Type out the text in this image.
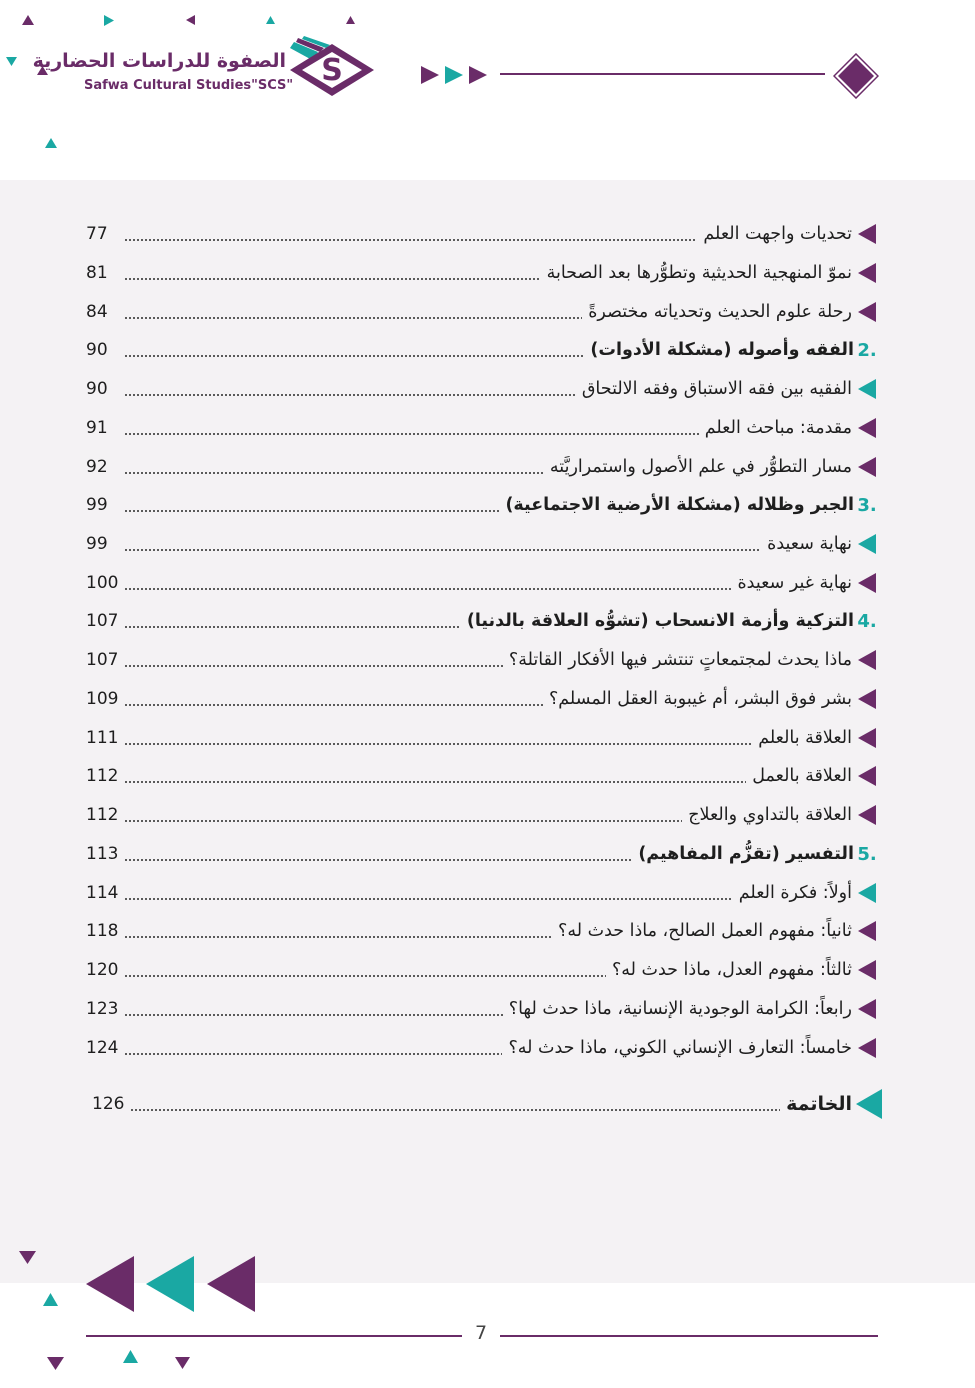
الصفوة للدراسات الحضارية
Safwa Cultural Studies"SCS" S
تحديات واجهت العلم
77
نموّ المنهجية الحديثية وتطوُّرها بعد الصحابة
81
رحلة علوم الحديث وتحدياته مختصرةً
84
2.
الفقه وأصوله (مشكلة الأدوات)
90
الفقيه بين فقه الاستباق وفقه الالتحاق
90
مقدمة: مباحث العلم
91
مسار التطوُّر في علم الأصول واستمراريَّته
92
3.
الجبر وظلاله (مشكلة الأرضية الاجتماعية)
99
نهاية سعيدة
99
نهاية غير سعيدة
100
4.
التزكية وأزمة الانسحاب (تشوُّه العلاقة بالدنيا)
107
ماذا يحدث لمجتمعاتٍ تنتشر فيها الأفكار القاتلة؟
107
بشر فوق البشر، أم غيبوبة العقل المسلم؟
109
العلاقة بالعلم
111
العلاقة بالعمل
112
العلاقة بالتداوي والعلاج
112
5.
التفسير (تقزُّم المفاهيم)
113
أولاً: فكرة العلم
114
ثانياً: مفهوم العمل الصالح، ماذا حدث له؟
118
ثالثاً: مفهوم العدل، ماذا حدث له؟
120
رابعاً: الكرامة الوجودية الإنسانية، ماذا حدث لها؟
123
خامساً: التعارف الإنساني الكوني، ماذا حدث له؟
124
الخاتمة
126
7
